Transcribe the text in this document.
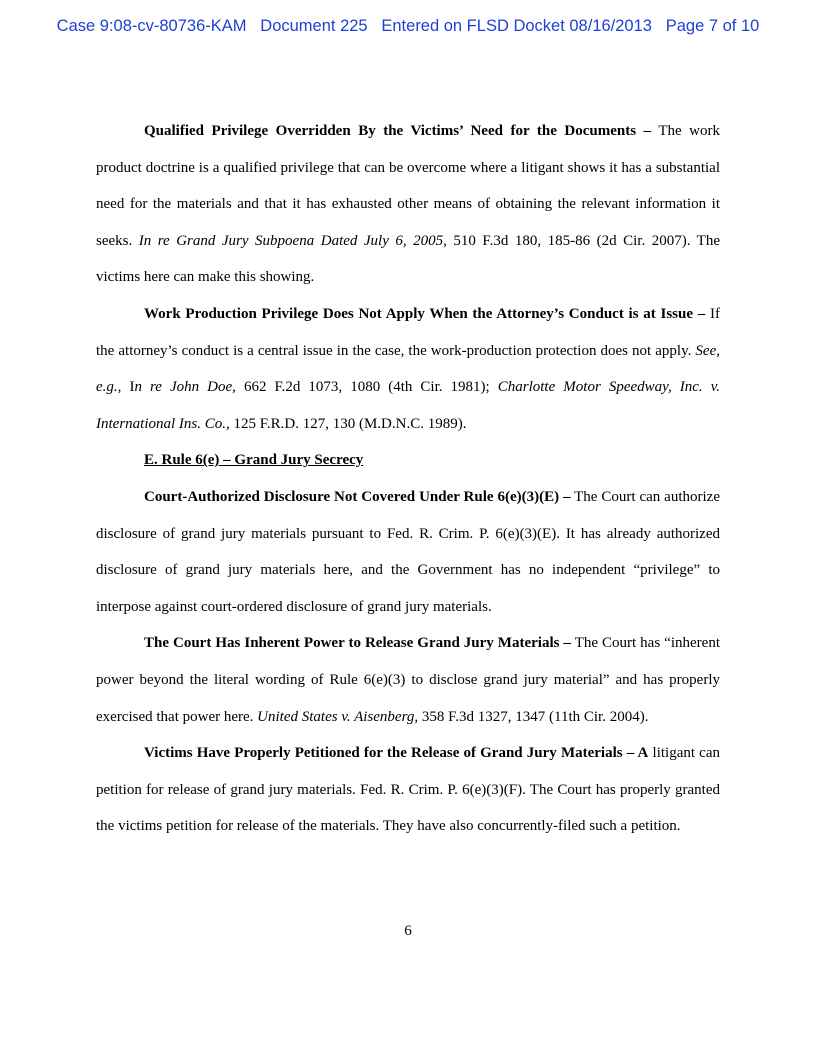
Case 9:08-cv-80736-KAM Document 225 Entered on FLSD Docket 08/16/2013 Page 7 of 10

Qualified Privilege Overridden By the Victims’ Need for the Documents – The work product doctrine is a qualified privilege that can be overcome where a litigant shows it has a substantial need for the materials and that it has exhausted other means of obtaining the relevant information it seeks. In re Grand Jury Subpoena Dated July 6, 2005, 510 F.3d 180, 185-86 (2d Cir. 2007). The victims here can make this showing.

Work Production Privilege Does Not Apply When the Attorney’s Conduct is at Issue – If the attorney’s conduct is a central issue in the case, the work-production protection does not apply. See, e.g., In re John Doe, 662 F.2d 1073, 1080 (4th Cir. 1981); Charlotte Motor Speedway, Inc. v. International Ins. Co., 125 F.R.D. 127, 130 (M.D.N.C. 1989).

E. Rule 6(e) – Grand Jury Secrecy

Court-Authorized Disclosure Not Covered Under Rule 6(e)(3)(E) – The Court can authorize disclosure of grand jury materials pursuant to Fed. R. Crim. P. 6(e)(3)(E). It has already authorized disclosure of grand jury materials here, and the Government has no independent “privilege” to interpose against court-ordered disclosure of grand jury materials.

The Court Has Inherent Power to Release Grand Jury Materials – The Court has “inherent power beyond the literal wording of Rule 6(e)(3) to disclose grand jury material” and has properly exercised that power here. United States v. Aisenberg, 358 F.3d 1327, 1347 (11th Cir. 2004).

Victims Have Properly Petitioned for the Release of Grand Jury Materials – A litigant can petition for release of grand jury materials. Fed. R. Crim. P. 6(e)(3)(F). The Court has properly granted the victims petition for release of the materials. They have also concurrently-filed such a petition.

6
